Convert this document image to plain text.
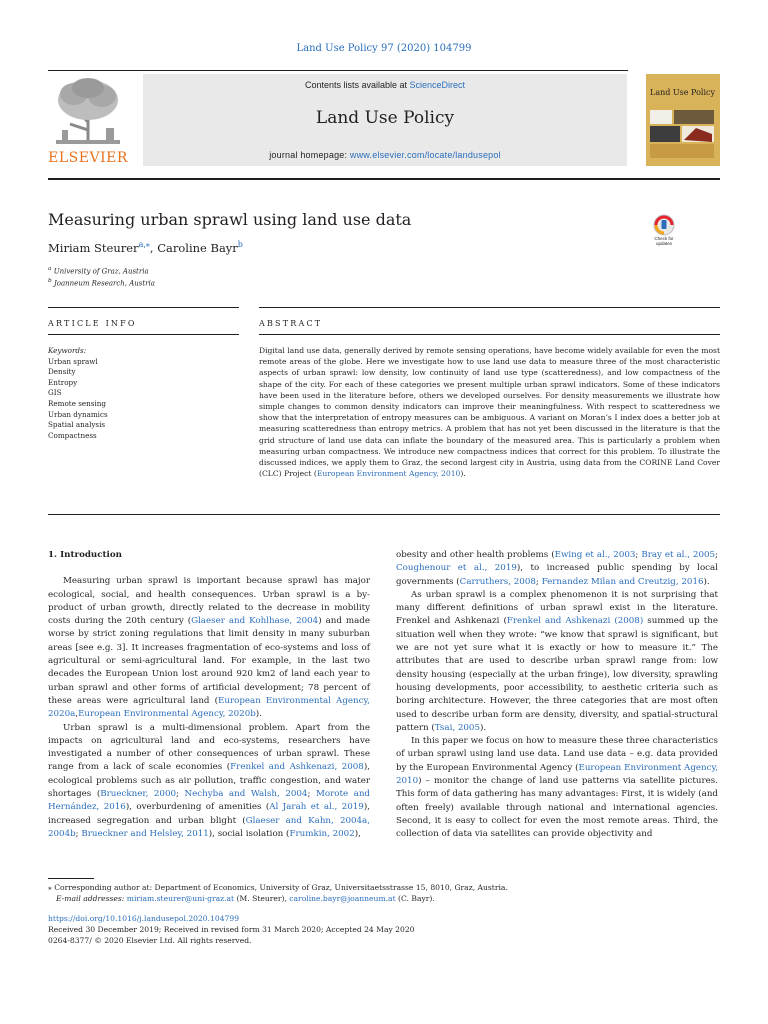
Land Use Policy 97 (2020) 104799
ELSEVIER
Contents lists available at ScienceDirect
Land Use Policy
journal homepage: www.elsevier.com/locate/landusepol
Land Use Policy
Measuring urban sprawl using land use data
Check for updates
Miriam Steurer$^{a,⁎}$, Caroline Bayr$^b$
$^a$ University of Graz, Austria
$^b$ Joanneum Research, Austria
ARTICLE INFO	ABSTRACT
Keywords:
Urban sprawl
Density
Entropy
GIS
Remote sensing
Urban dynamics
Spatial analysis
Compactness
Digital land use data, generally derived by remote sensing operations, have become widely available for even the most remote areas of the globe. Here we investigate how to use land use data to measure three of the most characteristic aspects of urban sprawl: low density, low continuity of land use type (scatteredness), and low compactness of the shape of the city. For each of these categories we present multiple urban sprawl indicators. Some of these indicators have been used in the literature before, others we developed ourselves. For density measurements we illustrate how simple changes to common density indicators can improve their meaningfulness. With respect to scatteredness we show that the interpretation of entropy measures can be ambiguous. A variant on Moran’s I index does a better job at measuring scatteredness than entropy metrics. A problem that has not yet been discussed in the literature is that the grid structure of land use data can inflate the boundary of the measured area. This is particularly a problem when measuring urban compactness. We introduce new compactness indices that correct for this problem. To illustrate the discussed indices, we apply them to Graz, the second largest city in Austria, using data from the CORINE Land Cover (CLC) Project (European Environment Agency, 2010).
1. Introduction

Measuring urban sprawl is important because sprawl has major ecological, social, and health consequences. Urban sprawl is a by-product of urban growth, directly related to the decrease in mobility costs during the 20th century (Glaeser and Kohlhase, 2004) and made worse by strict zoning regulations that limit density in many suburban areas [see e.g. 3]. It increases fragmentation of eco-systems and loss of agricultural or semi-agricultural land. For example, in the last two decades the European Union lost around 920 km2 of land each year to urban sprawl and other forms of artificial development; 78 percent of these areas were agricultural land (European Environmental Agency, 2020a,European Environmental Agency, 2020b).

Urban sprawl is a multi-dimensional problem. Apart from the impacts on agricultural land and eco-systems, researchers have investigated a number of other consequences of urban sprawl. These range from a lack of scale economies (Frenkel and Ashkenazi, 2008), ecological problems such as air pollution, traffic congestion, and water shortages (Brueckner, 2000; Nechyba and Walsh, 2004; Morote and Hernández, 2016), overburdening of amenities (Al Jarah et al., 2019), increased segregation and urban blight (Glaeser and Kahn, 2004a, 2004b; Brueckner and Helsley, 2011), social isolation (Frumkin, 2002),

obesity and other health problems (Ewing et al., 2003; Bray et al., 2005; Coughenour et al., 2019), to increased public spending by local governments (Carruthers, 2008; Fernandez Milan and Creutzig, 2016).

As urban sprawl is a complex phenomenon it is not surprising that many different definitions of urban sprawl exist in the literature. Frenkel and Ashkenazi (Frenkel and Ashkenazi (2008) summed up the situation well when they wrote: “we know that sprawl is significant, but we are not yet sure what it is exactly or how to measure it.” The attributes that are used to describe urban sprawl range from: low density housing (especially at the urban fringe), low diversity, sprawling housing developments, poor accessibility, to aesthetic criteria such as boring architecture. However, the three categories that are most often used to describe urban form are density, diversity, and spatial-structural pattern (Tsai, 2005).

In this paper we focus on how to measure these three characteristics of urban sprawl using land use data. Land use data – e.g. data provided by the European Environmental Agency (European Environment Agency, 2010) – monitor the change of land use patterns via satellite pictures. This form of data gathering has many advantages: First, it is widely (and often freely) available through national and international agencies. Second, it is easy to collect for even the most remote areas. Third, the collection of data via satellites can provide objectivity and

⁎ Corresponding author at: Department of Economics, University of Graz, Universitaetsstrasse 15, 8010, Graz, Austria.
E-mail addresses: miriam.steurer@uni-graz.at (M. Steurer), caroline.bayr@joanneum.at (C. Bayr).
https://doi.org/10.1016/j.landusepol.2020.104799
Received 30 December 2019; Received in revised form 31 March 2020; Accepted 24 May 2020
0264-8377/ © 2020 Elsevier Ltd. All rights reserved.
